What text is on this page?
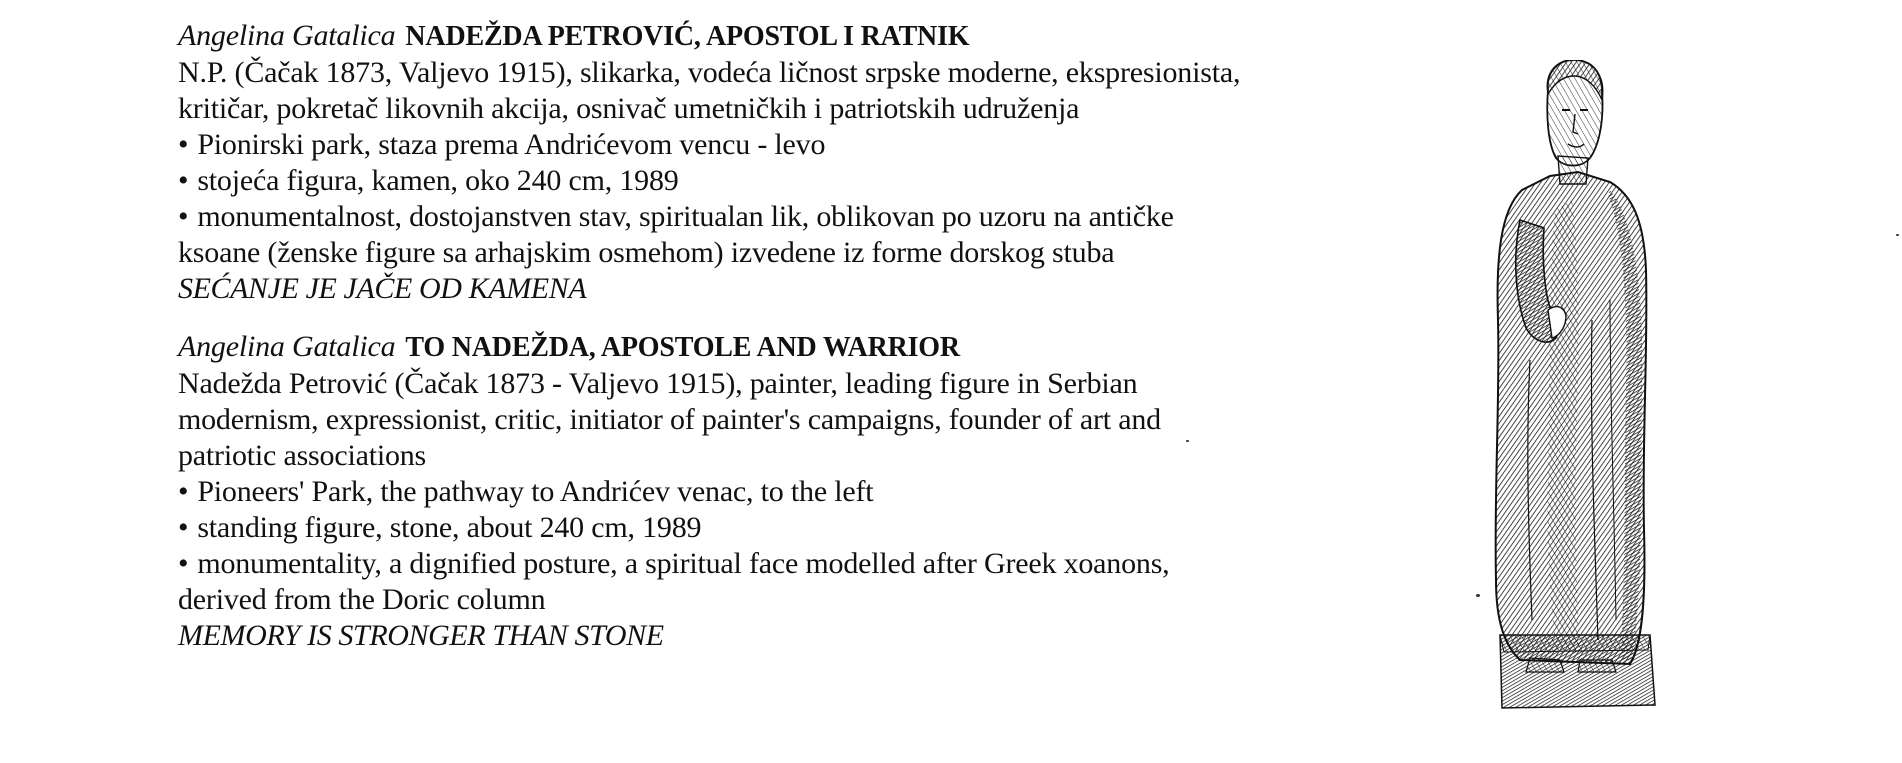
Angelina Gatalica NADEŽDA PETROVIĆ, APOSTOL I RATNIK
N.P. (Čačak 1873, Valjevo 1915), slikarka, vodeća ličnost srpske moderne, ekspresionista, kritičar, pokretač likovnih akcija, osnivač umetničkih i patriotskih udruženja
• Pionirski park, staza prema Andrićevom vencu - levo
• stojeća figura, kamen, oko 240 cm, 1989
• monumentalnost, dostojanstven stav, spiritualan lik, oblikovan po uzoru na antičke ksoane (ženske figure sa arhajskim osmehom) izvedene iz forme dorskog stuba
SEĆANJE JE JAČE OD KAMENA
Angelina Gatalica TO NADEŽDA, APOSTOLE AND WARRIOR
Nadežda Petrović (Čačak 1873 - Valjevo 1915), painter, leading figure in Serbian modernism, expressionist, critic, initiator of painter's campaigns, founder of art and patriotic associations
• Pioneers' Park, the pathway to Andrićev venac, to the left
• standing figure, stone, about 240 cm, 1989
• monumentality, a dignified posture, a spiritual face modelled after Greek xoanons, derived from the Doric column
MEMORY IS STRONGER THAN STONE
